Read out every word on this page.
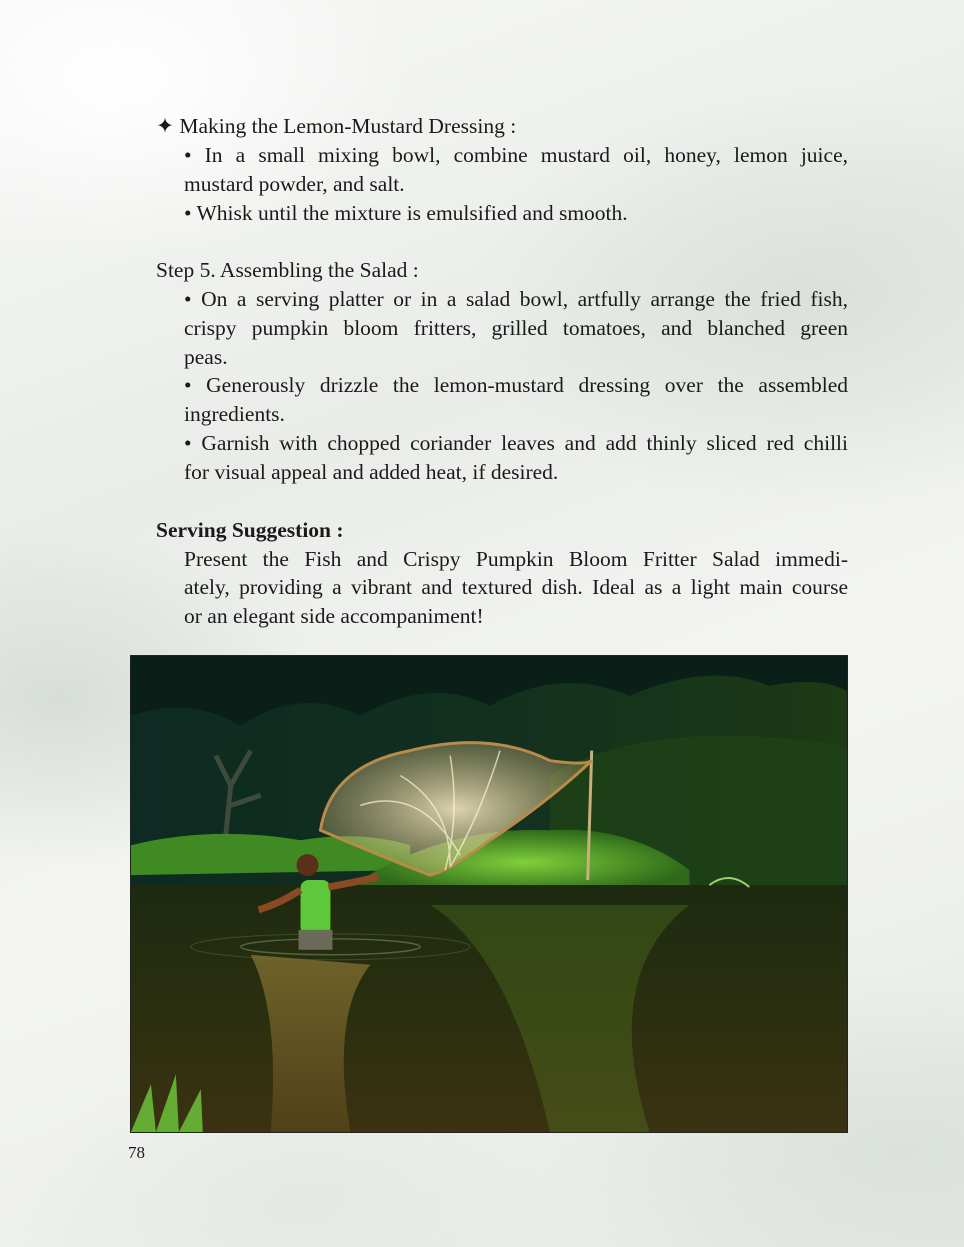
✦ Making the Lemon-Mustard Dressing :
• In a small mixing bowl, combine mustard oil, honey, lemon juice,
mustard powder, and salt.
• Whisk until the mixture is emulsified and smooth.
Step 5. Assembling the Salad :
• On a serving platter or in a salad bowl, artfully arrange the fried fish,
crispy pumpkin bloom fritters, grilled tomatoes, and blanched green
peas.
• Generously drizzle the lemon-mustard dressing over the assembled
ingredients.
• Garnish with chopped coriander leaves and add thinly sliced red chilli
for visual appeal and added heat, if desired.
Serving Suggestion :
Present the Fish and Crispy Pumpkin Bloom Fritter Salad immedi-
ately, providing a vibrant and textured dish. Ideal as a light main course
or an elegant side accompaniment!
78
